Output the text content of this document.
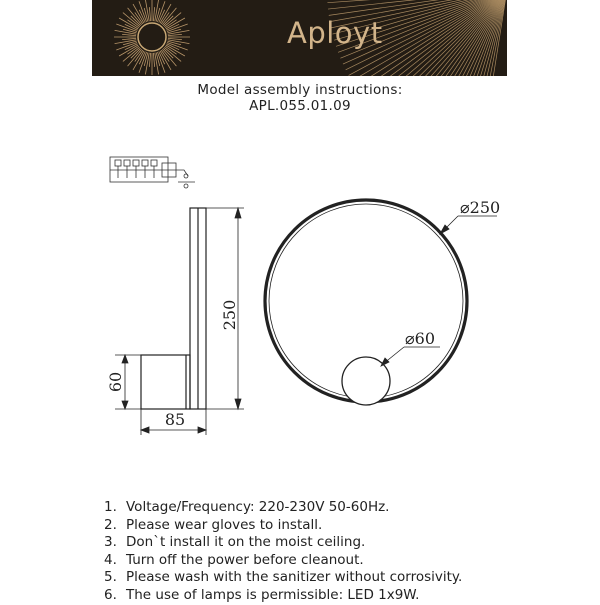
Aployt
Model assembly instructions:
APL.055.01.09
250
60
85
⌀250
⌀60
1. Voltage/Frequency: 220-230V 50-60Hz.
2. Please wear gloves to install.
3. Don`t install it on the moist ceiling.
4. Turn off the power before cleanout.
5. Please wash with the sanitizer without corrosivity.
6. The use of lamps is permissible: LED 1x9W.
